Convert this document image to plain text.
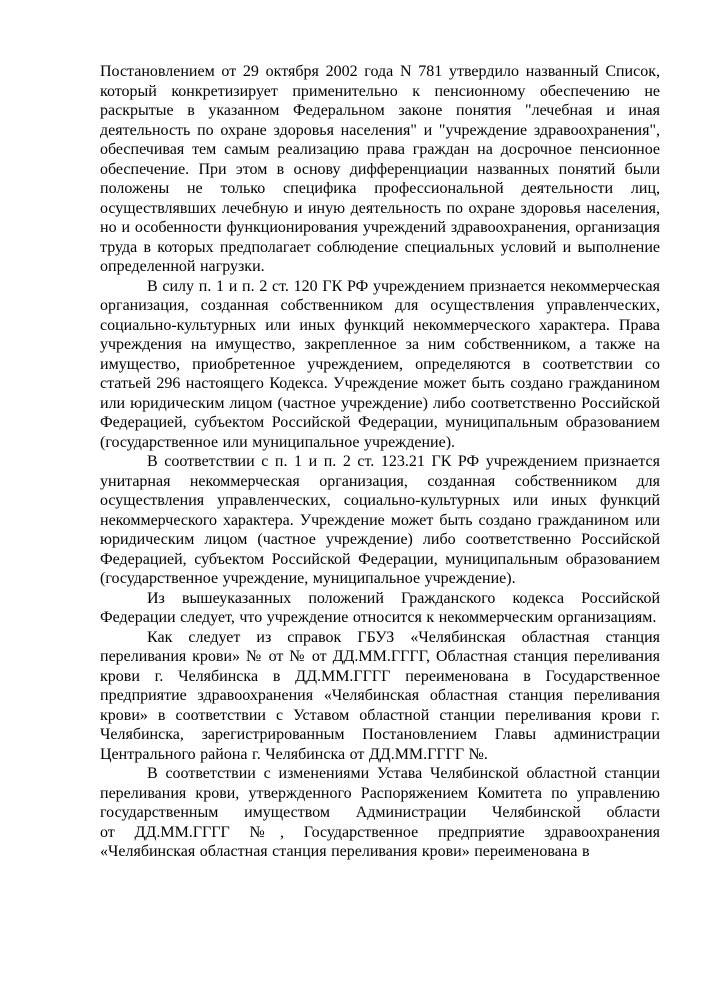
Постановлением от 29 октября 2002 года N 781 утвердило названный Список, который конкретизирует применительно к пенсионному обеспечению не раскрытые в указанном Федеральном законе понятия "лечебная и иная деятельность по охране здоровья населения" и "учреждение здравоохранения", обеспечивая тем самым реализацию права граждан на досрочное пенсионное обеспечение. При этом в основу дифференциации названных понятий были положены не только специфика профессиональной деятельности лиц, осуществлявших лечебную и иную деятельность по охране здоровья населения, но и особенности функционирования учреждений здравоохранения, организация труда в которых предполагает соблюдение специальных условий и выполнение определенной нагрузки.

В силу п. 1 и п. 2 ст. 120 ГК РФ учреждением признается некоммерческая организация, созданная собственником для осуществления управленческих, социально-культурных или иных функций некоммерческого характера. Права учреждения на имущество, закрепленное за ним собственником, а также на имущество, приобретенное учреждением, определяются в соответствии со статьей 296 настоящего Кодекса. Учреждение может быть создано гражданином или юридическим лицом (частное учреждение) либо соответственно Российской Федерацией, субъектом Российской Федерации, муниципальным образованием (государственное или муниципальное учреждение).

В соответствии с п. 1 и п. 2 ст. 123.21 ГК РФ учреждением признается унитарная некоммерческая организация, созданная собственником для осуществления управленческих, социально-культурных или иных функций некоммерческого характера. Учреждение может быть создано гражданином или юридическим лицом (частное учреждение) либо соответственно Российской Федерацией, субъектом Российской Федерации, муниципальным образованием (государственное учреждение, муниципальное учреждение).

Из вышеуказанных положений Гражданского кодекса Российской Федерации следует, что учреждение относится к некоммерческим организациям.

Как следует из справок ГБУЗ «Челябинская областная станция переливания крови» № от № от ДД.ММ.ГГГГ, Областная станция переливания крови г. Челябинска в ДД.ММ.ГГГГ переименована в Государственное предприятие здравоохранения «Челябинская областная станция переливания крови» в соответствии с Уставом областной станции переливания крови г. Челябинска, зарегистрированным Постановлением Главы администрации Центрального района г. Челябинска от ДД.ММ.ГГГГ №.

В соответствии с изменениями Устава Челябинской областной станции переливания крови, утвержденного Распоряжением Комитета по управлению государственным имуществом Администрации Челябинской области от ДД.ММ.ГГГГ №, Государственное предприятие здравоохранения «Челябинская областная станция переливания крови» переименована в
